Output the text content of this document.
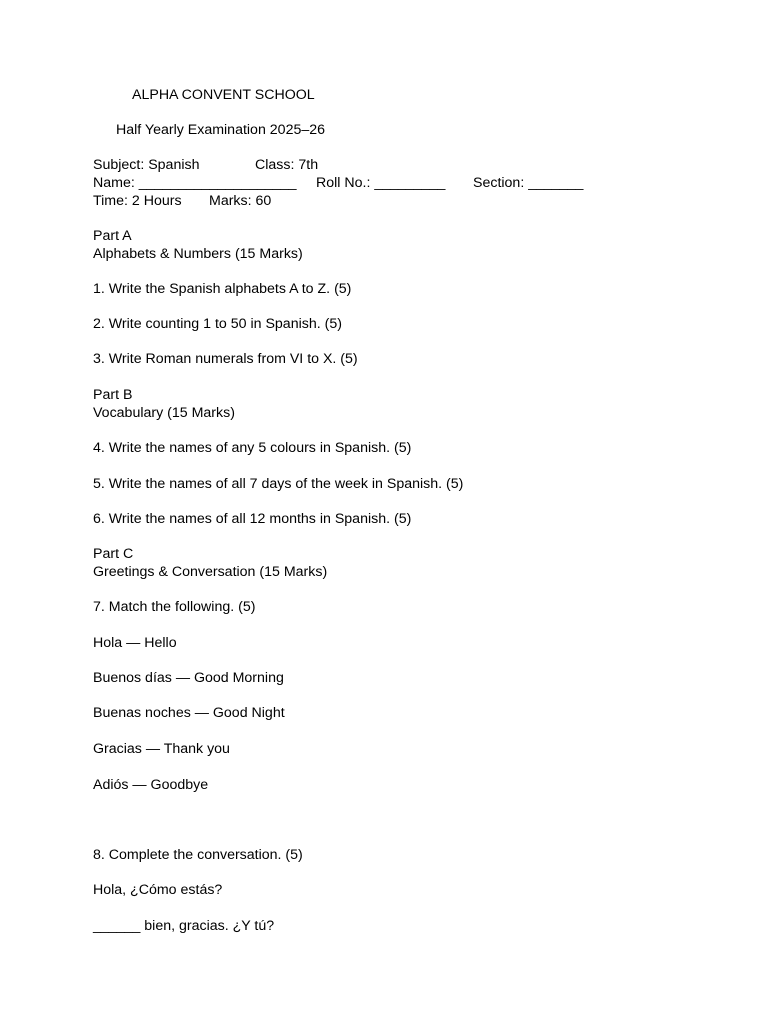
ALPHA CONVENT SCHOOL
Half Yearly Examination 2025–26
Subject: Spanish	Class: 7th
Name: ____________________ Roll No.: _________ Section: _______
Time: 2 Hours Marks: 60
Part A
Alphabets & Numbers (15 Marks)
1. Write the Spanish alphabets A to Z. (5)
2. Write counting 1 to 50 in Spanish. (5)
3. Write Roman numerals from VI to X. (5)
Part B
Vocabulary (15 Marks)
4. Write the names of any 5 colours in Spanish. (5)
5. Write the names of all 7 days of the week in Spanish. (5)
6. Write the names of all 12 months in Spanish. (5)
Part C
Greetings & Conversation (15 Marks)
7. Match the following. (5)
Hola — Hello
Buenos días — Good Morning
Buenas noches — Good Night
Gracias — Thank you
Adiós — Goodbye
8. Complete the conversation. (5)
Hola, ¿Cómo estás?
______ bien, gracias. ¿Y tú?
